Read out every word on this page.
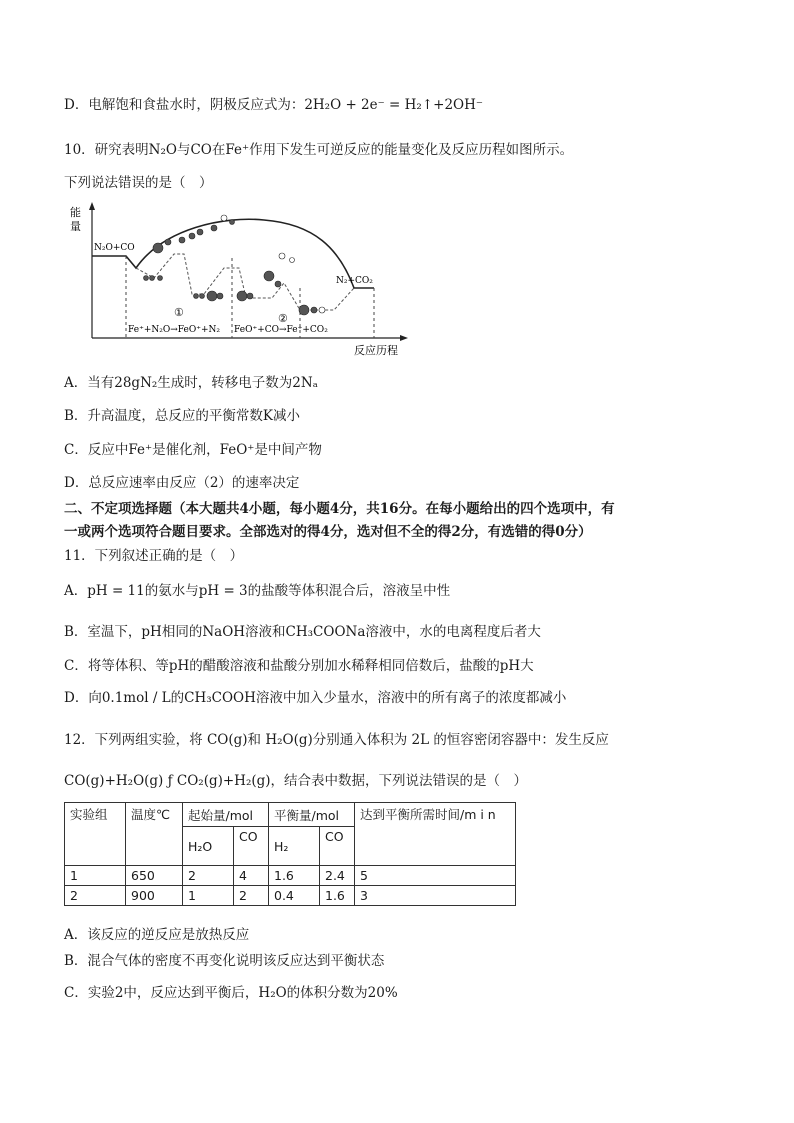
D．电解饱和食盐水时，阴极反应式为：2H₂O + 2e⁻ = H₂↑+2OH⁻
10．研究表明N₂O与CO在Fe⁺作用下发生可逆反应的能量变化及反应历程如图所示。
下列说法错误的是（　）
能
量
反应历程
N₂O+CO
N₂+CO₂
①	②
Fe⁺+N₂O→FeO⁺+N₂ FeO⁺+CO→Fe⁺+CO₂
A．当有28gN₂生成时，转移电子数为2Nₐ
B．升高温度，总反应的平衡常数K减小
C．反应中Fe⁺是催化剂，FeO⁺是中间产物
D．总反应速率由反应（2）的速率决定
二、不定项选择题（本大题共4小题，每小题4分，共16分。在每小题给出的四个选项中，有
一或两个选项符合题目要求。全部选对的得4分，选对但不全的得2分，有选错的得0分）
11．下列叙述正确的是（　）
A．pH = 11的氨水与pH = 3的盐酸等体积混合后，溶液呈中性
B．室温下，pH相同的NaOH溶液和CH₃COONa溶液中，水的电离程度后者大
C．将等体积、等pH的醋酸溶液和盐酸分别加水稀释相同倍数后，盐酸的pH大
D．向0.1mol / L的CH₃COOH溶液中加入少量水，溶液中的所有离子的浓度都减小
12．下列两组实验，将 CO(g)和 H₂O(g)分别通入体积为 2L 的恒容密闭容器中：发生反应
CO(g)+H₂O(g) ƒ CO₂(g)+H₂(g)，结合表中数据，下列说法错误的是（　）
实验组	温度℃	起始量/mol		平衡量/mol		达到平衡所需时间/m i n
		H₂O	CO	H₂	CO	
1	650	2	4	1.6	2.4	5
2	900	1	2	0.4	1.6	3
A．该反应的逆反应是放热反应
B．混合气体的密度不再变化说明该反应达到平衡状态
C．实验2中，反应达到平衡后，H₂O的体积分数为20%
